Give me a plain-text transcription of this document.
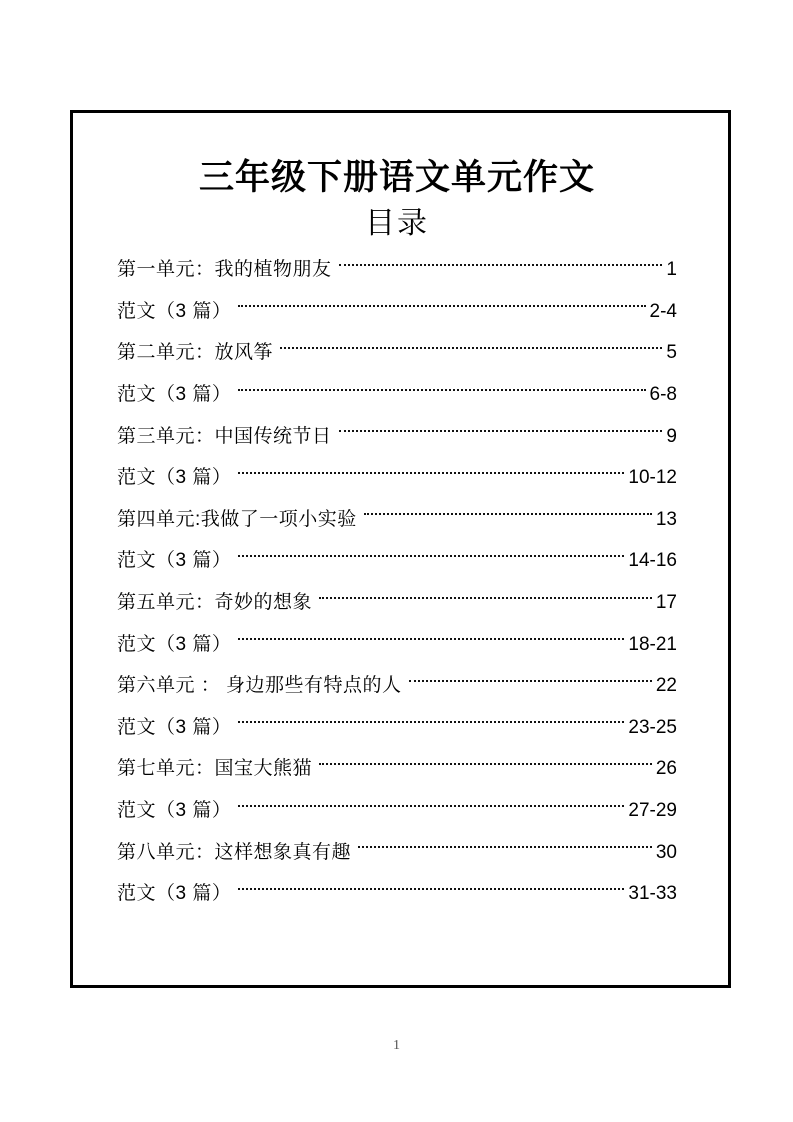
三年级下册语文单元作文
目录
第一单元：我的植物朋友	1
范文（3 篇）	2-4
第二单元：放风筝	5
范文（3 篇）	6-8
第三单元：中国传统节日	9
范文（3 篇）	10-12
第四单元:我做了一项小实验	13
范文（3 篇）	14-16
第五单元：奇妙的想象	17
范文（3 篇）	18-21
第六单元 ： 身边那些有特点的人	22
范文（3 篇）	23-25
第七单元：国宝大熊猫	26
范文（3 篇）	27-29
第八单元：这样想象真有趣	30
范文（3 篇）	31-33
1
